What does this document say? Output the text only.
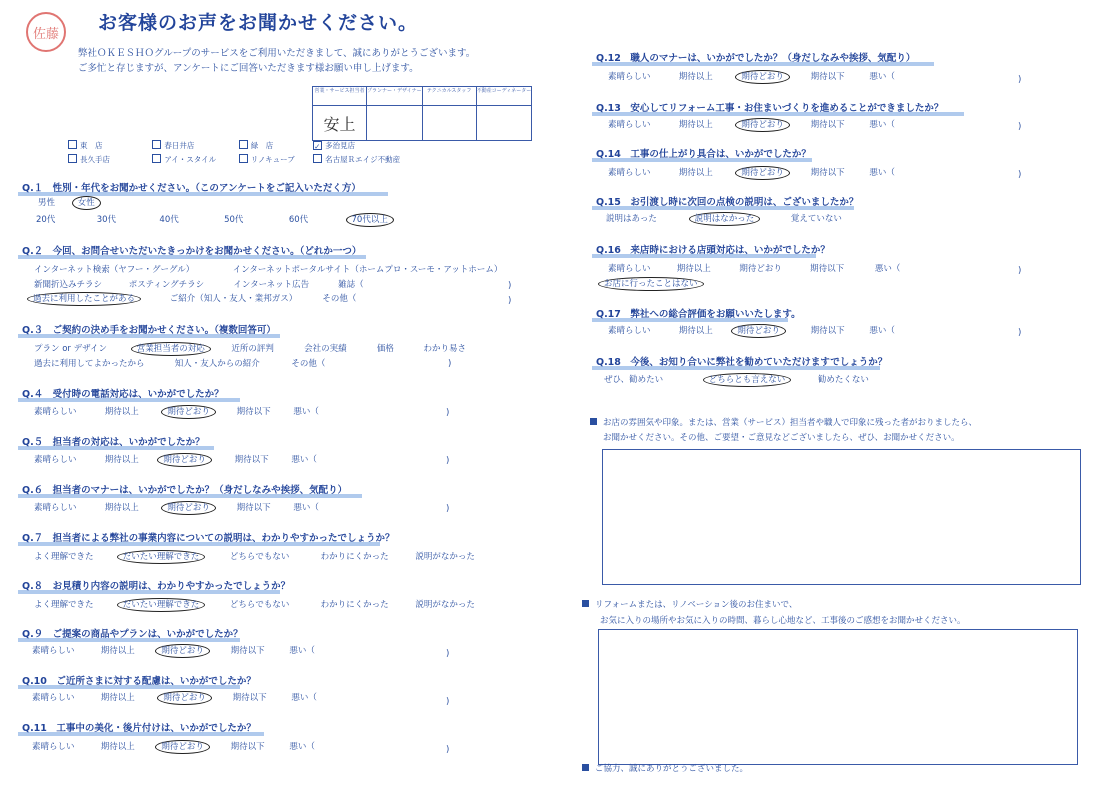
佐藤 お客様のお声をお聞かせください。
弊社ＯＫＥＳＨＯグループのサービスをご利用いただきまして、誠にありがとうございます。
ご多忙と存じますが、アンケートにご回答いただきます様お願い申し上げます。
営業・サービス担当者	プランナー・デザイナー	テクニカルスタッフ	不動産コーディネーター
安上			
東　店	春日井店	緑　店	✓ 多治見店
長久手店	アイ・スタイル	リノキューブ	名古屋Ｒエイジ不動産
Q.１　性別・年代をお聞かせください。（このアンケートをご記入いただく方）
男性	女性
20代	30代	40代	50代	60代	70代以上
Q.２　今回、お問合せいただいたきっかけをお聞かせください。（どれか一つ）
インターネット検索（ヤフー・グーグル）	インターネットポータルサイト（ホームプロ・スーモ・アットホーム）
新聞折込みチラシ	ポスティングチラシ	インターネット広告	雑誌（	)
過去に利用したことがある	ご紹介（知人・友人・業邦ガス）	その他（	)
Q.３　ご契約の決め手をお聞かせください。（複数回答可）
プラン or デザイン	営業担当者の対応	近所の評判	会社の実績	価格	わかり易さ
過去に利用してよかったから	知人・友人からの紹介	その他（	)
Q.４　受付時の電話対応は、いかがでしたか？
素晴らしい	期待以上	期待どおり	期待以下	悪い（	)
Q.５　担当者の対応は、いかがでしたか？
素晴らしい	期待以上	期待どおり	期待以下	悪い（	)
Q.６　担当者のマナーは、いかがでしたか？（身だしなみや挨拶、気配り）
素晴らしい	期待以上	期待どおり	期待以下	悪い（	)
Q.７　担当者による弊社の事業内容についての説明は、わかりやすかったでしょうか？
よく理解できた	だいたい理解できた	どちらでもない	わかりにくかった	説明がなかった
Q.８　お見積り内容の説明は、わかりやすかったでしょうか？
よく理解できた	だいたい理解できた	どちらでもない	わかりにくかった	説明がなかった
Q.９　ご提案の商品やプランは、いかがでしたか？
素晴らしい	期待以上	期待どおり	期待以下	悪い（	)
Q.10　ご近所さまに対する配慮は、いかがでしたか？
素晴らしい	期待以上	期待どおり	期待以下	悪い（	)
Q.11　工事中の美化・後片付けは、いかがでしたか？
素晴らしい	期待以上	期待どおり	期待以下	悪い（	)
Q.12　職人のマナーは、いかがでしたか？（身だしなみや挨拶、気配り）
素晴らしい	期待以上	期待どおり	期待以下	悪い（	)
Q.13　安心してリフォーム工事・お住まいづくりを進めることができましたか？
素晴らしい	期待以上	期待どおり	期待以下	悪い（	)
Q.14　工事の仕上がり具合は、いかがでしたか？
素晴らしい	期待以上	期待どおり	期待以下	悪い（	)
Q.15　お引渡し時に次回の点検の説明は、ございましたか？
説明はあった	説明はなかった	覚えていない
Q.16　来店時における店頭対応は、いかがでしたか？
素晴らしい	期待以上	期待どおり	期待以下	悪い（	)
お店に行ったことはない
Q.17　弊社への総合評価をお願いいたします。
素晴らしい	期待以上	期待どおり	期待以下	悪い（	)
Q.18　今後、お知り合いに弊社を勧めていただけますでしょうか？
ぜひ、勧めたい	どちらとも言えない	勧めたくない
お店の雰囲気や印象。または、営業（サービス）担当者や職人で印象に残った者がおりましたら、
お聞かせください。その他、ご要望・ご意見などございましたら、ぜひ、お聞かせください。
リフォームまたは、リノベーション後のお住まいで、
お気に入りの場所やお気に入りの時間、暮らし心地など、工事後のご感想をお聞かせください。
ご協力、誠にありがとうございました。
